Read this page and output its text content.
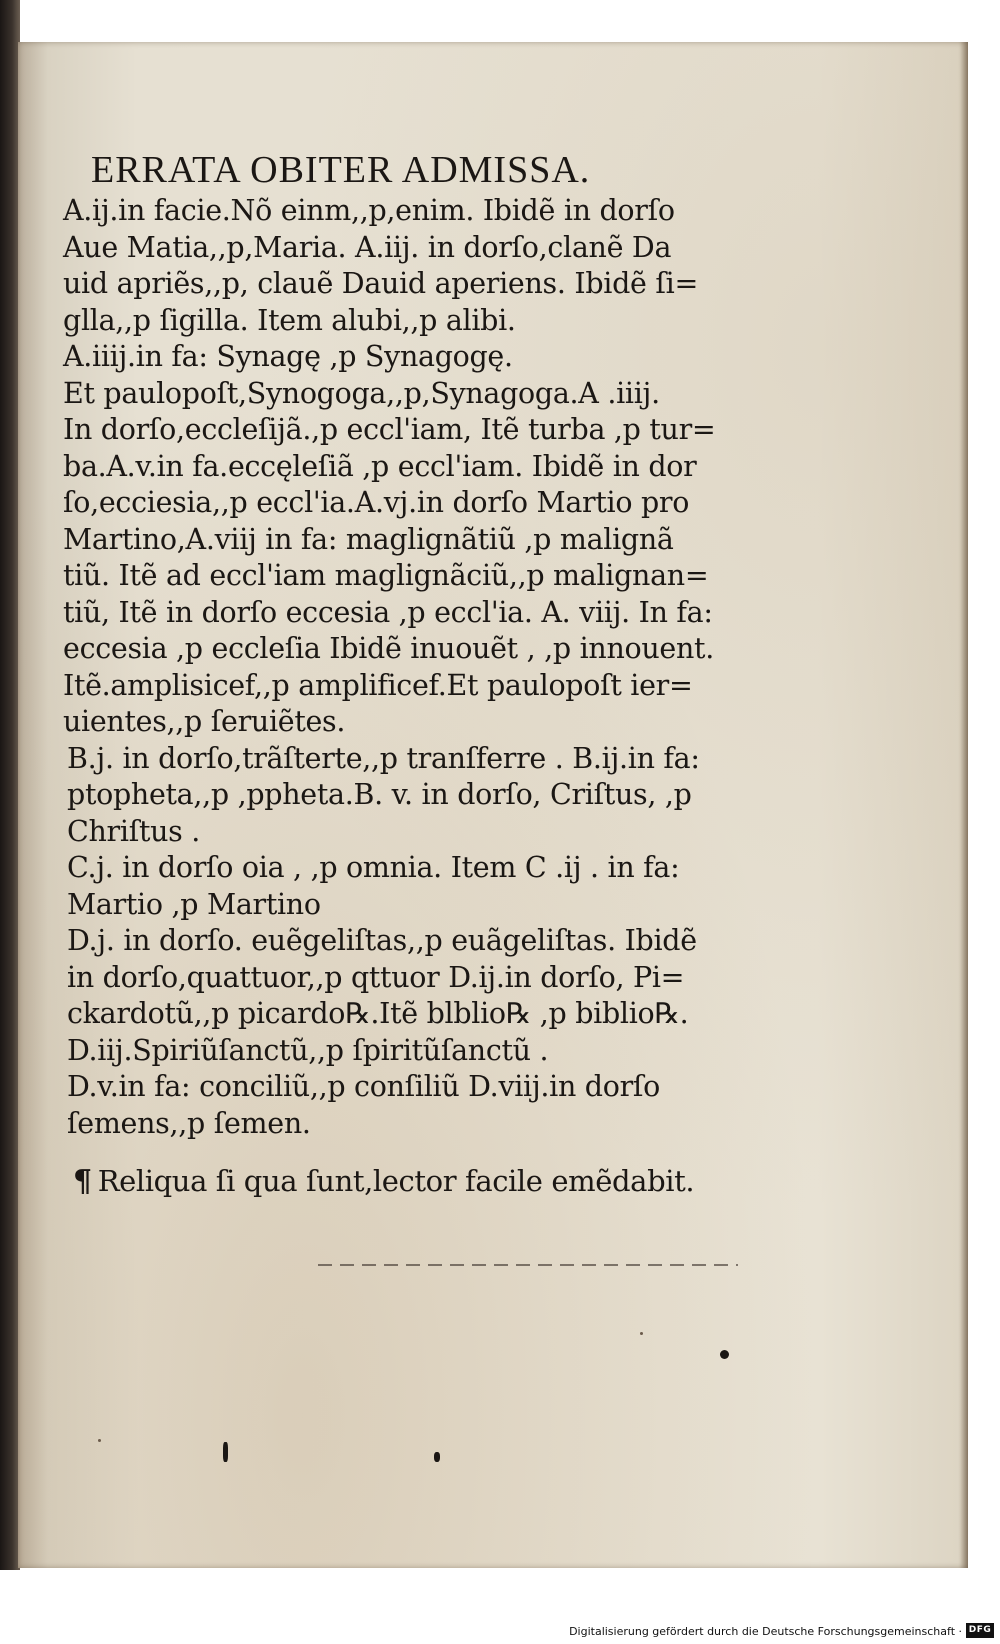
ERRATA OBITER ADMISSA.
A.ij.in facie.Nõ einm,,p,enim. Ibidẽ in dorſo
Aue Matia,,p,Maria. A.iij. in dorſo,clanẽ Da
uid apriẽs,,p, clauẽ Dauid aperiens. Ibidẽ ſi=
glla,,p ſigilla. Item alubi,,p alibi.
A.iiij.in fa: Synagę ,p Synagogę.
Et paulopoſt,Synogoga,,p,Synagoga.A .iiij.
In dorſo,eccleſijã.,p eccl'iam, Itẽ turba ,p tur=
ba.A.v.in fa.eccęleſiã ,p eccl'iam. Ibidẽ in dor
ſo,ecciesia,,p eccl'ia.A.vj.in dorſo Martio pro
Martino,A.viij in fa: maglignãtiũ ,p malignã
tiũ. Itẽ ad eccl'iam maglignãciũ,,p malignan=
tiũ, Itẽ in dorſo eccesia ,p eccl'ia. A. viij. In fa:
eccesia ,p eccleſia Ibidẽ inuouẽt , ,p innouent.
Itẽ.amplisicef,,p amplificef.Et paulopoſt ier=
uientes,,p ſeruiẽtes.
B.j. in dorſo,trãſterte,,p tranſferre . B.ij.in fa:
ptopheta,,p ,ppheta.B. v. in dorſo, Criſtus, ,p
Chriſtus .
C.j. in dorſo oia , ,p omnia. Item C .ij . in fa:
Martio ,p Martino
D.j. in dorſo. euẽgeliſtas,,p euãgeliſtas. Ibidẽ
in dorſo,quattuor,,p qttuor D.ij.in dorſo, Pi=
ckardotũ,,p picardo℞.Itẽ blblio℞ ,p biblio℞.
D.iij.Spiriũſanctũ,,p ſpiritũſanctũ .
D.v.in fa: conciliũ,,p conſiliũ D.viij.in dorſo
ſemens,,p ſemen.
¶ Reliqua ſi qua ſunt,lector facile emẽdabit.
Digitalisierung gefördert durch die Deutsche Forschungsgemeinschaft · DFG
